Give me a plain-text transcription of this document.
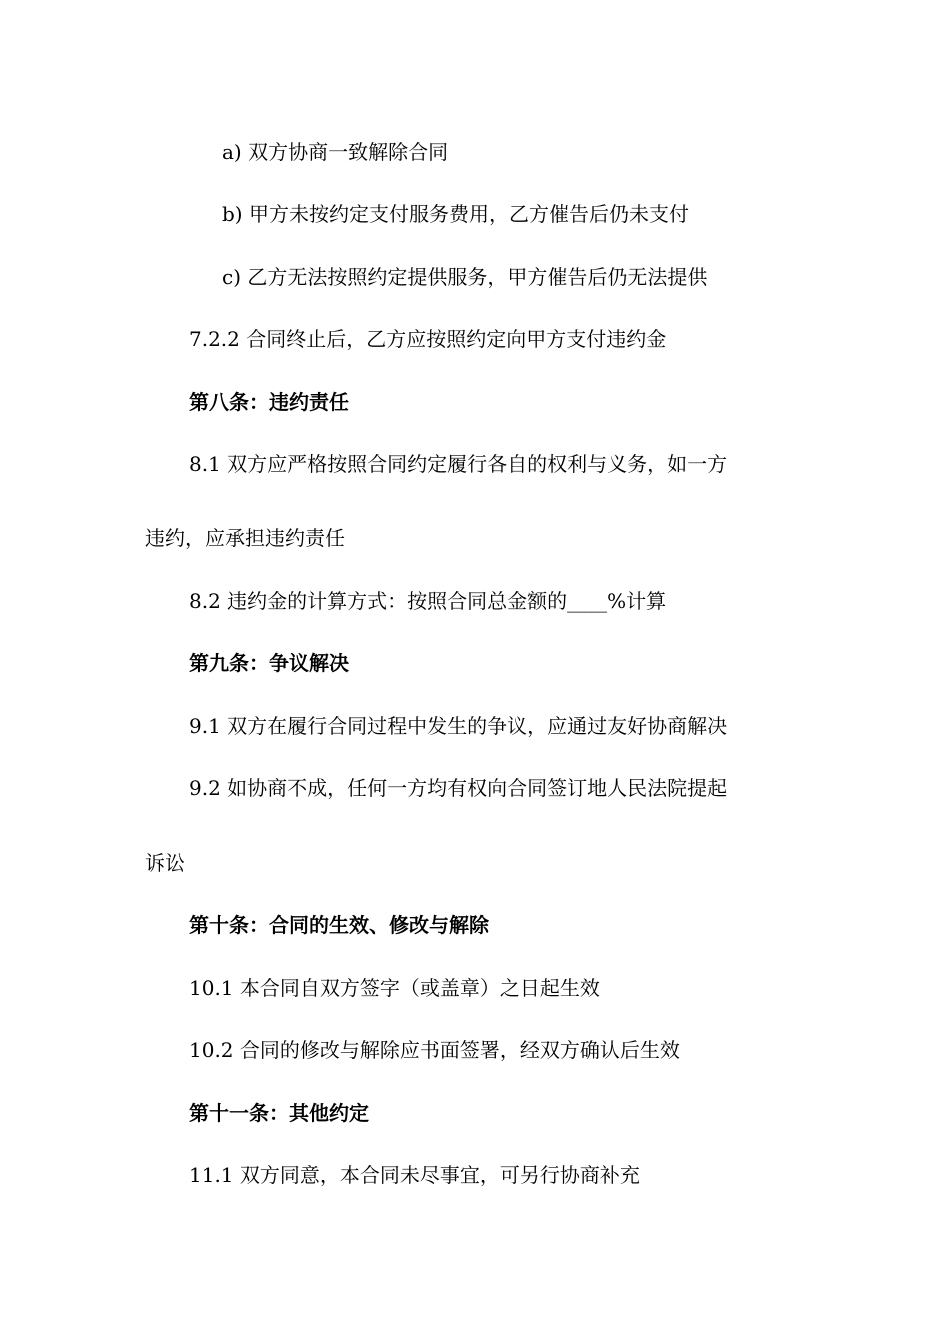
a) 双方协商一致解除合同

b) 甲方未按约定支付服务费用，乙方催告后仍未支付

c) 乙方无法按照约定提供服务，甲方催告后仍无法提供

7.2.2 合同终止后，乙方应按照约定向甲方支付违约金

第八条：违约责任

8.1 双方应严格按照合同约定履行各自的权利与义务，如一方

违约，应承担违约责任

8.2 违约金的计算方式：按照合同总金额的____%计算

第九条：争议解决

9.1 双方在履行合同过程中发生的争议，应通过友好协商解决

9.2 如协商不成，任何一方均有权向合同签订地人民法院提起

诉讼

第十条：合同的生效、修改与解除

10.1 本合同自双方签字（或盖章）之日起生效

10.2 合同的修改与解除应书面签署，经双方确认后生效

第十一条：其他约定

11.1 双方同意，本合同未尽事宜，可另行协商补充
